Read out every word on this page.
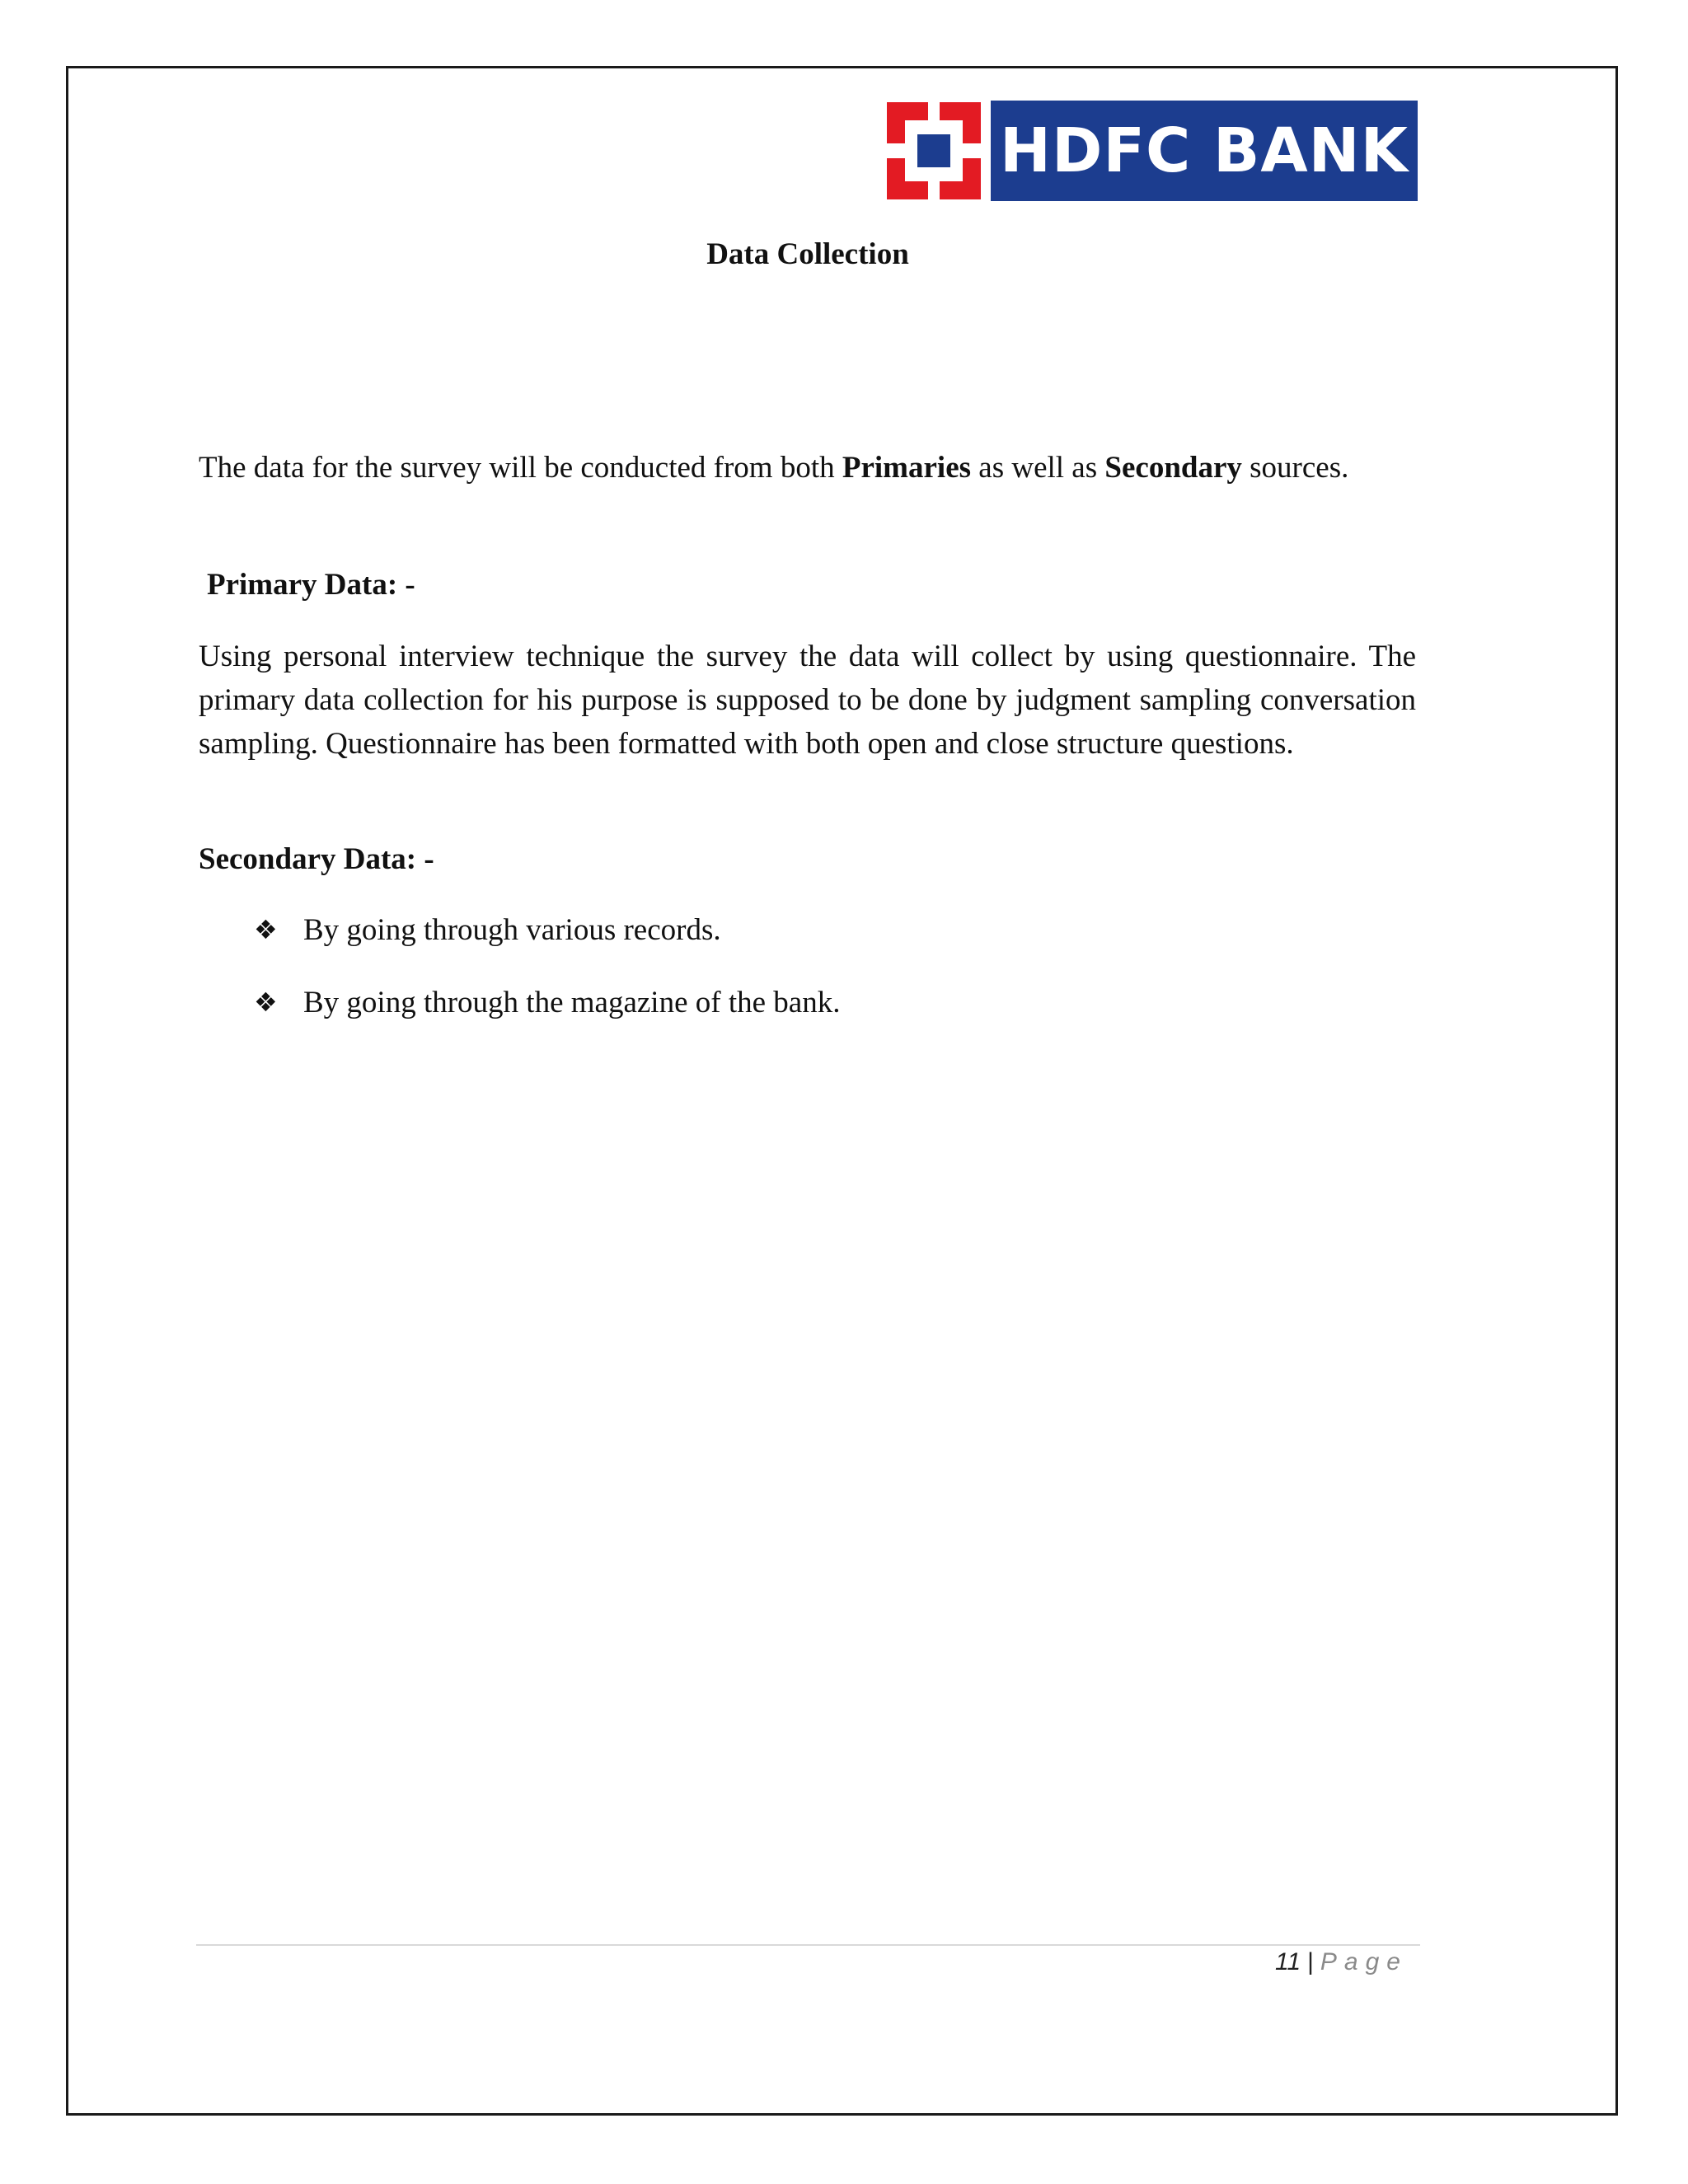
HDFC BANK
Data Collection

The data for the survey will be conducted from both Primaries as well as Secondary sources.

Primary Data: -

Using personal interview technique the survey the data will collect by using questionnaire. The primary data collection for his purpose is supposed to be done by judgment sampling conversation sampling. Questionnaire has been formatted with both open and close structure questions.

Secondary Data: -
❖ By going through various records.
❖ By going through the magazine of the bank.
11 | Page
